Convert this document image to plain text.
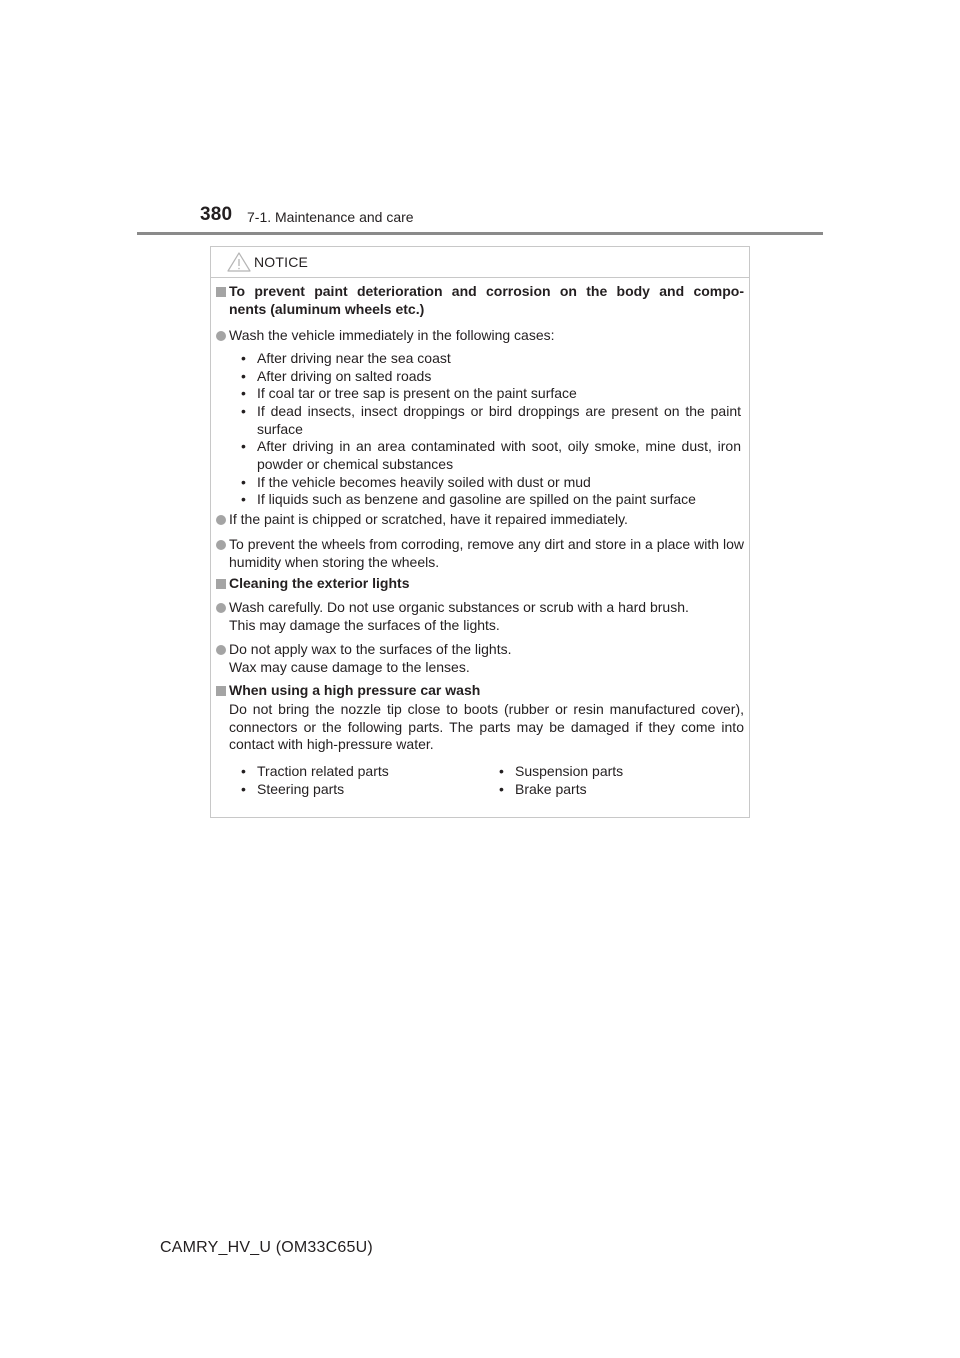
380 7-1. Maintenance and care
NOTICE
To prevent paint deterioration and corrosion on the body and compo-
nents (aluminum wheels etc.)
Wash the vehicle immediately in the following cases:
• After driving near the sea coast
• After driving on salted roads
• If coal tar or tree sap is present on the paint surface
• If dead insects, insect droppings or bird droppings are present on the paint surface
• After driving in an area contaminated with soot, oily smoke, mine dust, iron powder or chemical substances
• If the vehicle becomes heavily soiled with dust or mud
• If liquids such as benzene and gasoline are spilled on the paint surface
If the paint is chipped or scratched, have it repaired immediately.
To prevent the wheels from corroding, remove any dirt and store in a place with low humidity when storing the wheels.
Cleaning the exterior lights
Wash carefully. Do not use organic substances or scrub with a hard brush.
This may damage the surfaces of the lights.
Do not apply wax to the surfaces of the lights.
Wax may cause damage to the lenses.
When using a high pressure car wash
Do not bring the nozzle tip close to boots (rubber or resin manufactured cover), connectors or the following parts. The parts may be damaged if they come into contact with high-pressure water.
• Traction related parts
• Steering parts
• Suspension parts
• Brake parts
CAMRY_HV_U (OM33C65U)
